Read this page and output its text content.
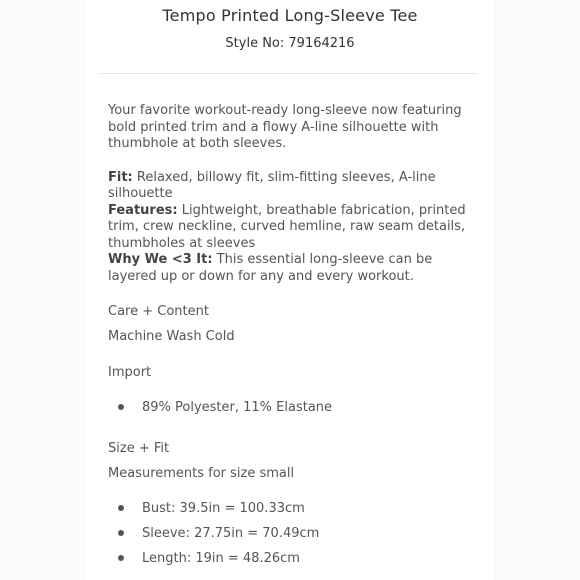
Tempo Printed Long-Sleeve Tee
Style No: 79164216

Your favorite workout-ready long-sleeve now featuring bold printed trim and a flowy A-line silhouette with thumbhole at both sleeves.

Fit: Relaxed, billowy fit, slim-fitting sleeves, A-line silhouette

Features: Lightweight, breathable fabrication, printed trim, crew neckline, curved hemline, raw seam details, thumbholes at sleeves

Why We <3 It: This essential long-sleeve can be layered up or down for any and every workout.

Care + Content
Machine Wash Cold
Import
89% Polyester, 11% Elastane
Size + Fit
Measurements for size small
Bust: 39.5in = 100.33cm
Sleeve: 27.75in = 70.49cm
Length: 19in = 48.26cm
